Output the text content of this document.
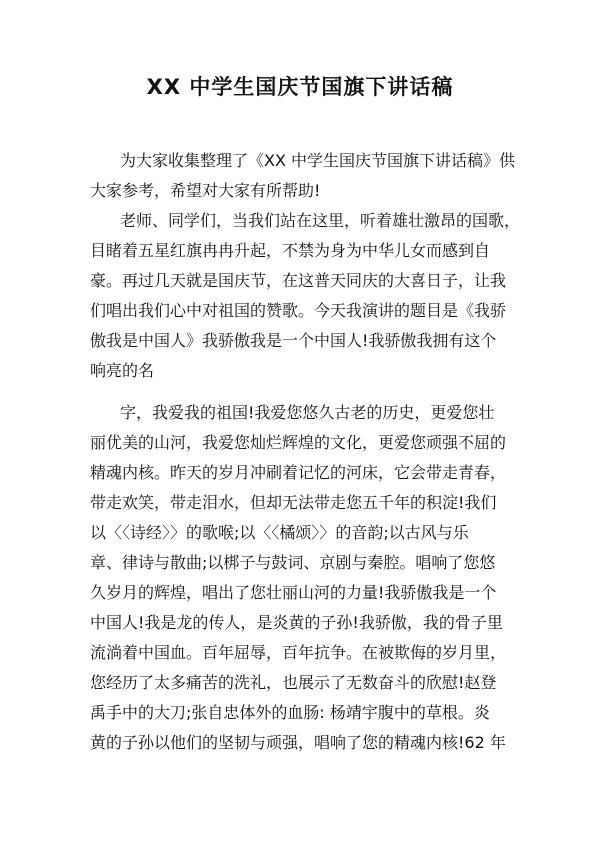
XX 中学生国庆节国旗下讲话稿

为大家收集整理了《XX 中学生国庆节国旗下讲话稿》供

大家参考，希望对大家有所帮助!

老师、同学们，当我们站在这里，听着雄壮激昂的国歌，

目睹着五星红旗冉冉升起，不禁为身为中华儿女而感到自

豪。再过几天就是国庆节，在这普天同庆的大喜日子，让我

们唱出我们心中对祖国的赞歌。今天我演讲的题目是《我骄

傲我是中国人》我骄傲我是一个中国人!我骄傲我拥有这个

响亮的名

字，我爱我的祖国!我爱您悠久古老的历史，更爱您壮

丽优美的山河，我爱您灿烂辉煌的文化，更爱您顽强不屈的

精魂内核。昨天的岁月冲刷着记忆的河床，它会带走青春，

带走欢笑，带走泪水，但却无法带走您五千年的积淀!我们

以〈〈诗经〉〉的歌喉;以〈〈橘颂〉〉的音韵;以古风与乐

章、律诗与散曲;以梆子与鼓词、京剧与秦腔。唱响了您悠

久岁月的辉煌，唱出了您壮丽山河的力量!我骄傲我是一个

中国人!我是龙的传人，是炎黄的子孙!我骄傲，我的骨子里

流淌着中国血。百年屈辱，百年抗争。在被欺侮的岁月里，

您经历了太多痛苦的洗礼，也展示了无数奋斗的欣慰!赵登

禹手中的大刀;张自忠体外的血肠: 杨靖宇腹中的草根。炎

黄的子孙以他们的坚韧与顽强，唱响了您的精魂内核!62 年
